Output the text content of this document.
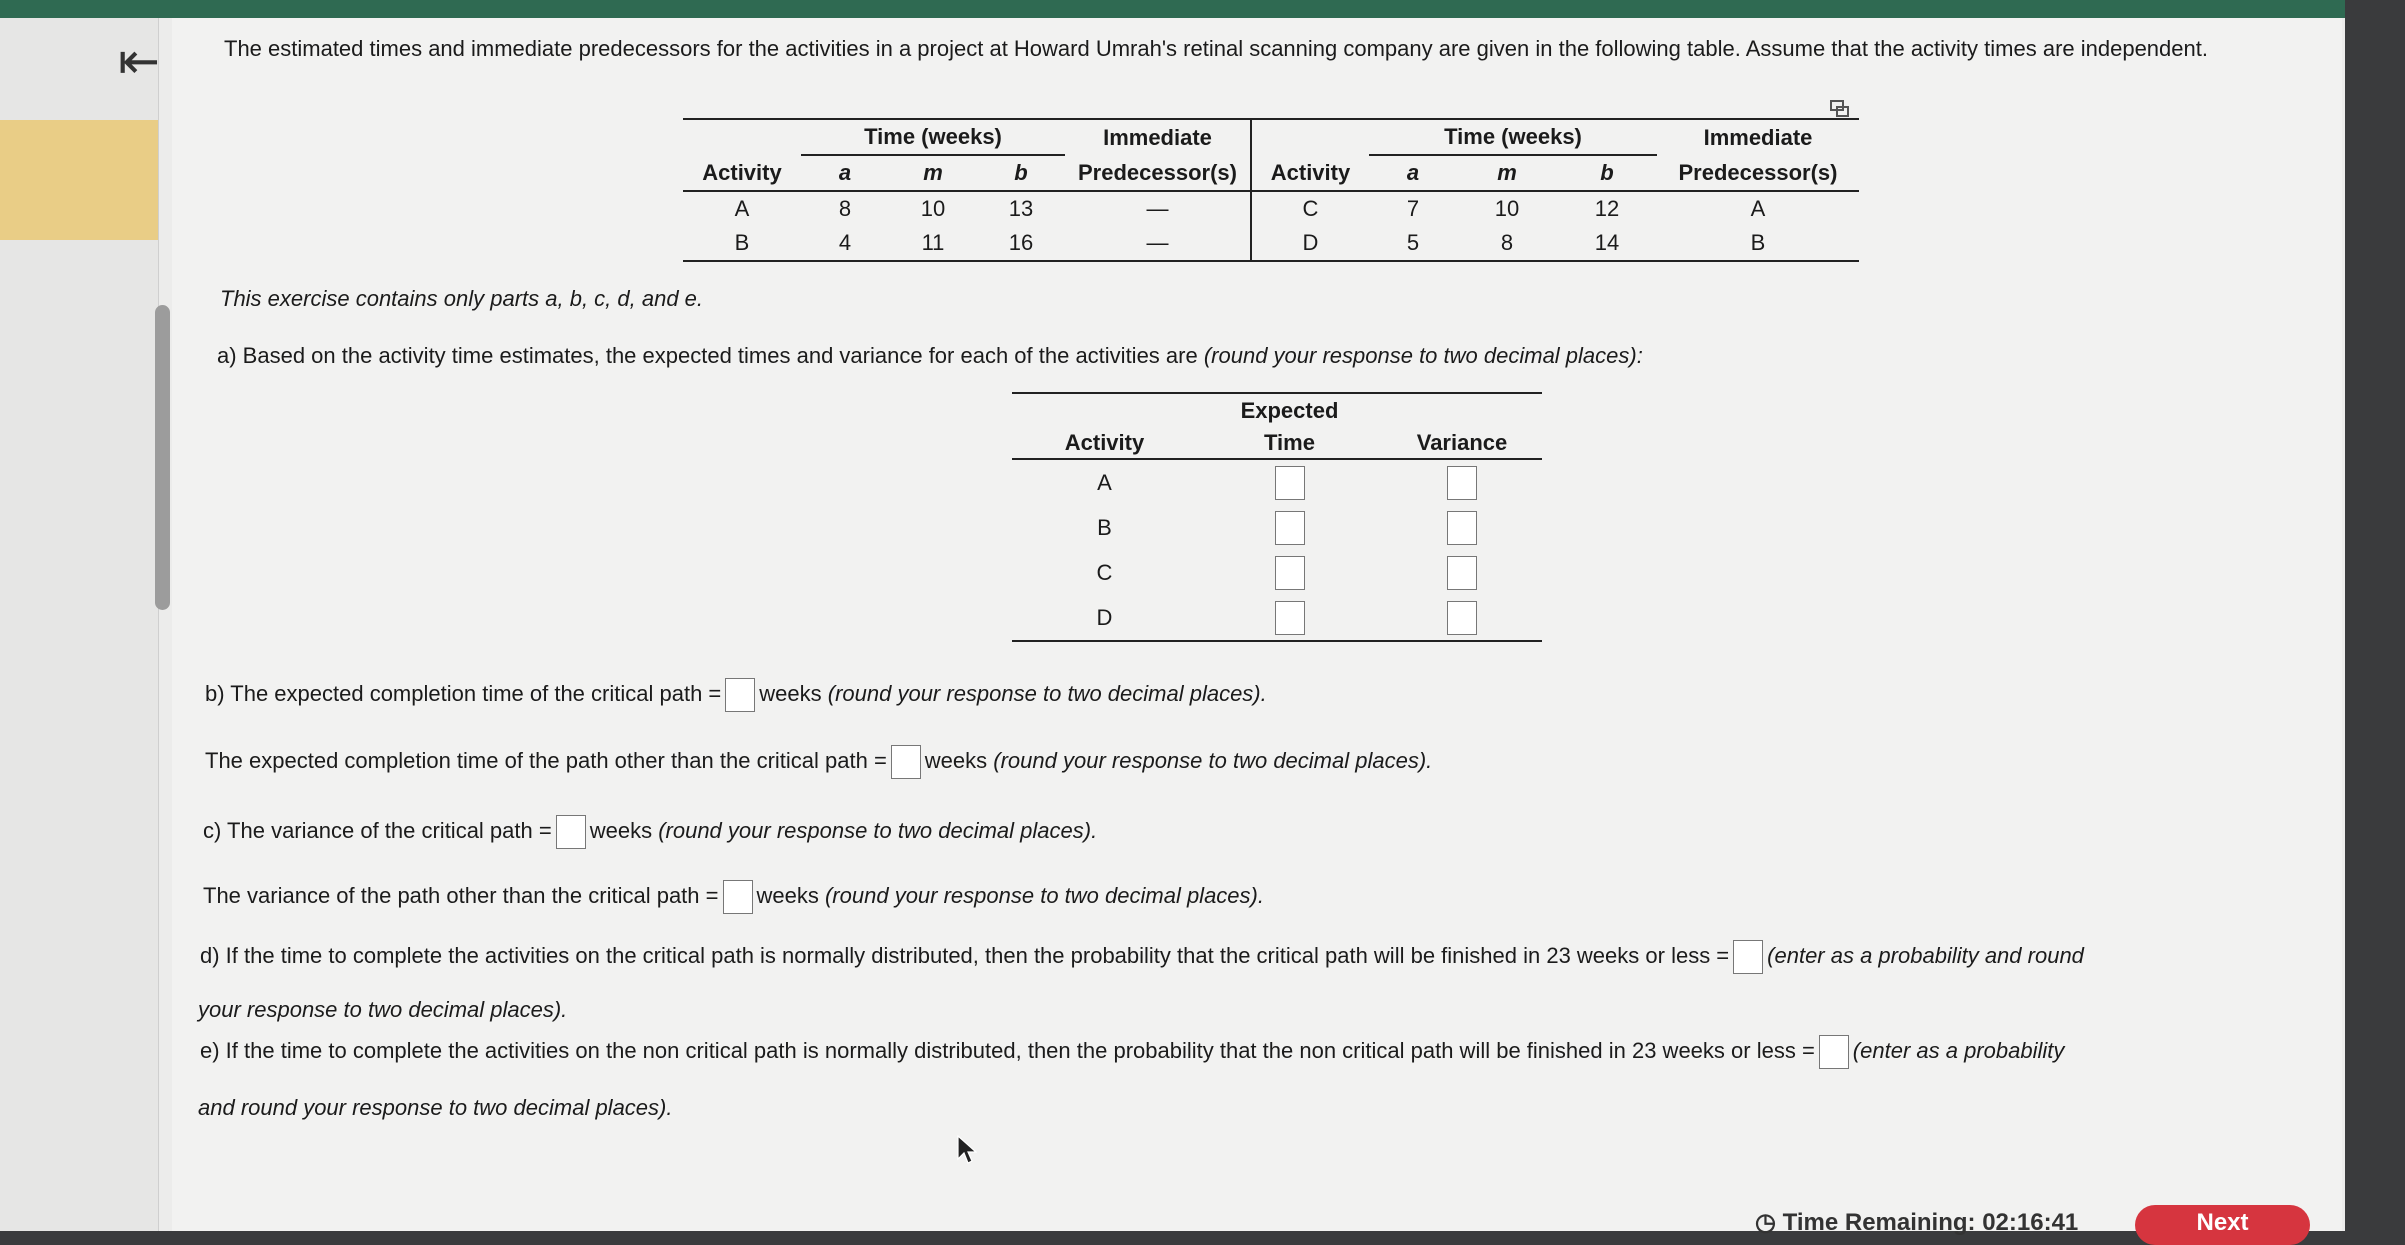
⇤	The estimated times and immediate predecessors for the activities in a project at Howard Umrah's retinal scanning company are given in the following table. Assume that the activity times are independent.
	Time (weeks)			Immediate		Time (weeks)			Immediate
Activity	a	m	b	Predecessor(s)	Activity	a	m	b	Predecessor(s)
A	8	10	13	—	C	7	10	12	A
B	4	11	16	—	D	5	8	14	B
This exercise contains only parts a, b, c, d, and e.
a) Based on the activity time estimates, the expected times and variance for each of the activities are (round your response to two decimal places):
	Expected	
Activity	Time	Variance
A		
B		
C		
D		
b) The expected completion time of the critical path = weeks (round your response to two decimal places).
The expected completion time of the path other than the critical path = weeks (round your response to two decimal places).
c) The variance of the critical path = weeks (round your response to two decimal places).
The variance of the path other than the critical path = weeks (round your response to two decimal places).
d) If the time to complete the activities on the critical path is normally distributed, then the probability that the critical path will be finished in 23 weeks or less = (enter as a probability and round
your response to two decimal places).
e) If the time to complete the activities on the non critical path is normally distributed, then the probability that the non critical path will be finished in 23 weeks or less = (enter as a probability
and round your response to two decimal places).
◷ Time Remaining: 02:16:41	Next
